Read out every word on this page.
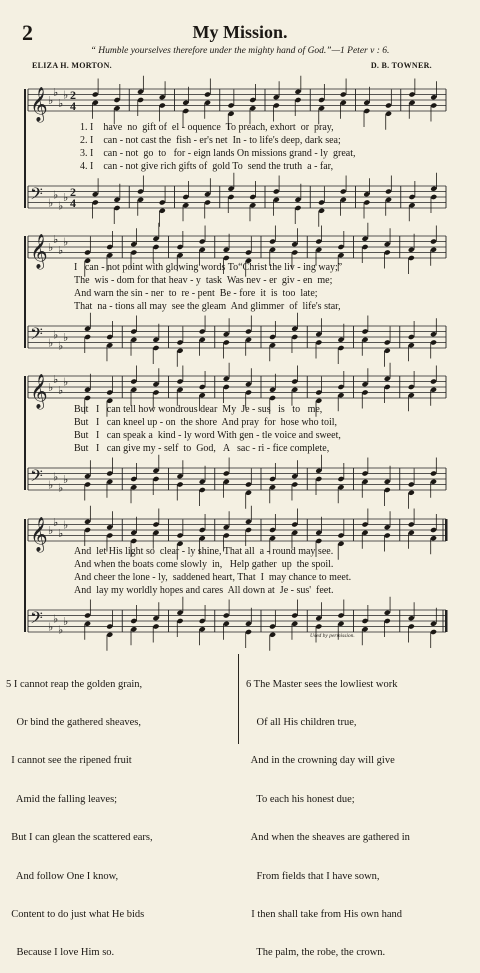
2	My Mission.
“ Humble yourselves therefore under the mighty hand of God.”—1 Peter v : 6.
ELIZA H. MORTON.	D. B. TOWNER.
𝄞 ♭
♭
♭
♭ 2
4
1. I    have  no  gift of  el - oquence  To preach, exhort  or  pray,
2. I    can - not cast the  fish - er's net  In - to life's deep, dark sea;
3. I    can - not  go  to   for - eign lands On missions grand - ly  great,
4. I    can - not give rich gifts of  gold To  send the truth  a - far,
𝄢 ♭
♭
♭
♭ 2
4
𝄞 ♭
♭
♭
♭
I   can - not point with glowing words To“Christ the liv - ing way;”
The  wis - dom for that heav - y  task  Was nev - er  giv - en  me;
And warn the sin - ner  to  re - pent  Be - fore  it  is  too  late;
That  na - tions all may  see the gleam  And glimmer  of  life's star,
𝄢 ♭
♭
♭
♭
𝄞 ♭
♭
♭
♭
But   I   can tell how wondrous dear  My  Je - sus   is   to   me,
But   I   can kneel up - on  the shore  And pray  for  hose who toil,
But   I   can speak a  kind - ly word With gen - tle voice and sweet,
But   I   can give my - self  to  God,   A   sac - ri - fice complete,
𝄢 ♭
♭
♭
♭
𝄞 ♭
♭
♭
♭
And  let His light so  clear - ly shine, That all  a - round may see.
And when the boats come slowly  in,   Help gather  up  the spoil.
And cheer the lone - ly,  saddened heart, That  I  may chance to meet.
And  lay my worldly hopes and cares  All down at  Je - sus'  feet.
𝄢 ♭
♭
♭
♭
Used by permission.

5 I cannot reap the golden grain,

Or bind the gathered sheaves,

I cannot see the ripened fruit

Amid the falling leaves;

But I can glean the scattered ears,

And follow One I know,

Content to do just what He bids

Because I love Him so.

6 The Master sees the lowliest work

Of all His children true,

And in the crowning day will give

To each his honest due;

And when the sheaves are gathered in

From fields that I have sown,

I then shall take from His own hand

The palm, the robe, the crown.
